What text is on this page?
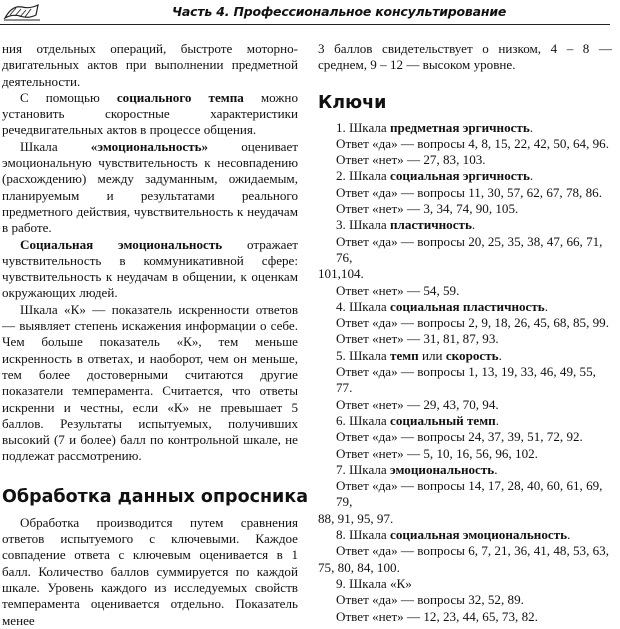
Часть 4. Профессиональное консультирование

ния отдельных операций, быстроте моторно-двигательных актов при выполнении предметной деятельности.

С помощью социального темпа можно установить скоростные характеристики речедвигательных актов в процессе общения.

Шкала «эмоциональность» оценивает эмоциональную чувствительность к несовпадению (расхождению) между задуманным, ожидаемым, планируемым и результатами реального предметного действия, чувствительность к неудачам в работе.

Социальная эмоциональность отражает чувствительность в коммуникативной сфере: чувствительность к неудачам в общении, к оценкам окружающих людей.

Шкала «К» — показатель искренности ответов — выявляет степень искажения информации о себе. Чем больше показатель «К», тем меньше искренность в ответах, и наоборот, чем он меньше, тем более достоверными считаются другие показатели темперамента. Считается, что ответы искренни и честны, если «К» не превышает 5 баллов. Результаты испытуемых, получивших высокий (7 и более) балл по контрольной шкале, не подлежат рассмотрению.

Обработка данных опросника

Обработка производится путем сравнения ответов испытуемого с ключевыми. Каждое совпадение ответа с ключевым оценивается в 1 балл. Количество баллов суммируется по каждой шкале. Уровень каждого из исследуемых свойств темперамента оценивается отдельно. Показатель менее

3 баллов свидетельствует о низком, 4 – 8 — среднем, 9 – 12 — высоком уровне.

Ключи
1. Шкала предметная эргичность.
Ответ «да» — вопросы 4, 8, 15, 22, 42, 50, 64, 96.
Ответ «нет» — 27, 83, 103.
2. Шкала социальная эргичность.
Ответ «да» — вопросы 11, 30, 57, 62, 67, 78, 86.
Ответ «нет» — 3, 34, 74, 90, 105.
3. Шкала пластичность.
Ответ «да» — вопросы 20, 25, 35, 38, 47, 66, 71, 76,
101,104.
Ответ «нет» — 54, 59.
4. Шкала социальная пластичность.
Ответ «да» — вопросы 2, 9, 18, 26, 45, 68, 85, 99.
Ответ «нет» — 31, 81, 87, 93.
5. Шкала темп или скорость.
Ответ «да» — вопросы 1, 13, 19, 33, 46, 49, 55, 77.
Ответ «нет» — 29, 43, 70, 94.
6. Шкала социальный темп.
Ответ «да» — вопросы 24, 37, 39, 51, 72, 92.
Ответ «нет» — 5, 10, 16, 56, 96, 102.
7. Шкала эмоциональность.
Ответ «да» — вопросы 14, 17, 28, 40, 60, 61, 69, 79,
88, 91, 95, 97.
8. Шкала социальная эмоциональность.
Ответ «да» — вопросы 6, 7, 21, 36, 41, 48, 53, 63,
75, 80, 84, 100.
9. Шкала «К»
Ответ «да» — вопросы 32, 52, 89.
Ответ «нет» — 12, 23, 44, 65, 73, 82.
